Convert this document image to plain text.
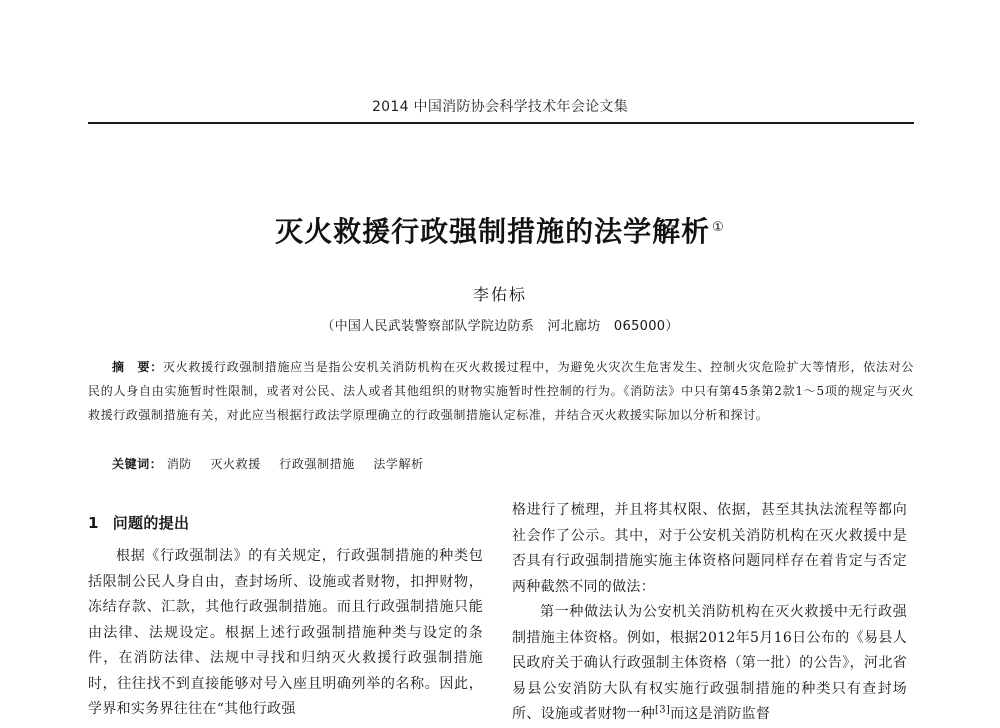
2014 中国消防协会科学技术年会论文集
灭火救援行政强制措施的法学解析 ①
李佑标
（中国人民武装警察部队学院边防系　河北廊坊　065000）
摘　要：灭火救援行政强制措施应当是指公安机关消防机构在灭火救援过程中，为避免火灾次生危害发生、控制火灾危险扩大等情形，依法对公民的人身自由实施暂时性限制，或者对公民、法人或者其他组织的财物实施暂时性控制的行为。《消防法》中只有第45条第2款1～5项的规定与灭火救援行政强制措施有关，对此应当根据行政法学原理确立的行政强制措施认定标准，并结合灭火救援实际加以分析和探讨。
关键词： 消防 灭火救援 行政强制措施 法学解析
1 问题的提出

根据《行政强制法》的有关规定，行政强制措施的种类包括限制公民人身自由，查封场所、设施或者财物，扣押财物，冻结存款、汇款，其他行政强制措施。而且行政强制措施只能由法律、法规设定。根据上述行政强制措施种类与设定的条件，在消防法律、法规中寻找和归纳灭火救援行政强制措施时，往往找不到直接能够对号入座且明确列举的名称。因此，学界和实务界往往在“其他行政强

格进行了梳理，并且将其权限、依据，甚至其执法流程等都向社会作了公示。其中，对于公安机关消防机构在灭火救援中是否具有行政强制措施实施主体资格问题同样存在着肯定与否定两种截然不同的做法：

第一种做法认为公安机关消防机构在灭火救援中无行政强制措施主体资格。例如，根据2012年5月16日公布的《易县人民政府关于确认行政强制主体资格（第一批）的公告》，河北省易县公安消防大队有权实施行政强制措施的种类只有查封场所、设施或者财物一种[3]而这是消防监督
